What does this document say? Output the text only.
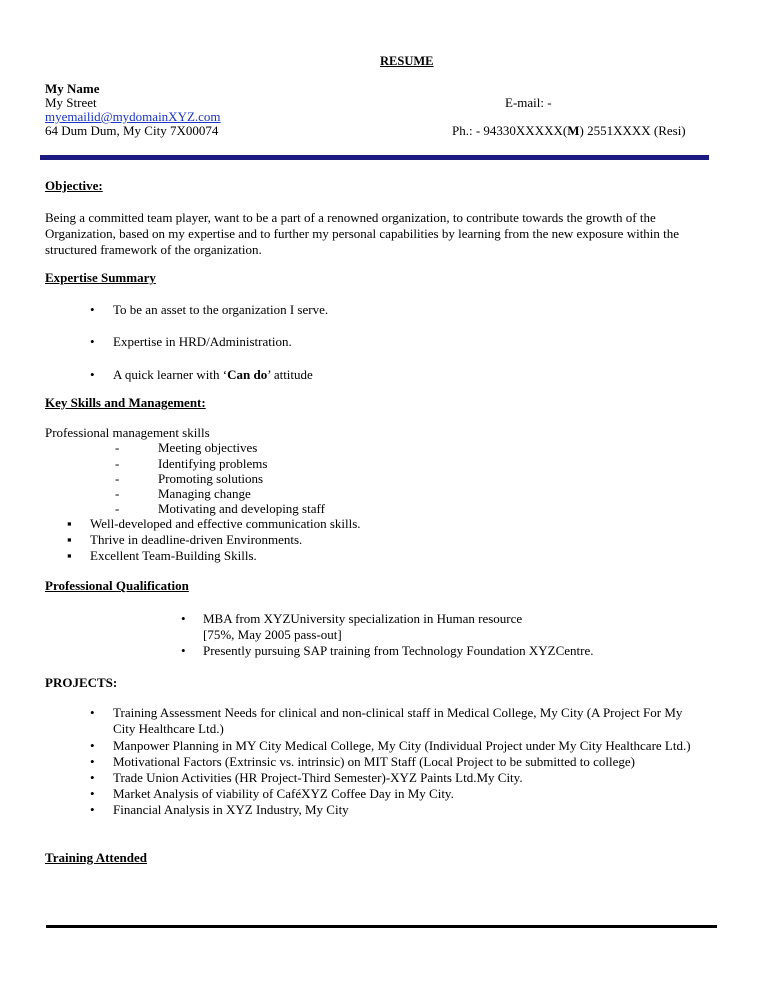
RESUME
My Name
My Street
myemailid@mydomainXYZ.com
64 Dum Dum, My City 7X00074
E-mail: -
Ph.: - 94330XXXXX(M) 2551XXXX (Resi)
Objective:
Being a committed team player, want to be a part of a renowned organization, to contribute towards the growth of the
Organization, based on my expertise and to further my personal capabilities by learning from the new exposure within the
structured framework of the organization.
Expertise Summary
• To be an asset to the organization I serve.
• Expertise in HRD/Administration.
• A quick learner with ‘Can do’ attitude
Key Skills and Management:
Professional management skills
-	Meeting objectives
-	Identifying problems
-	Promoting solutions
-	Managing change
-	Motivating and developing staff
▪ Well-developed and effective communication skills.
▪ Thrive in deadline-driven Environments.
▪ Excellent Team-Building Skills.
Professional Qualification
• MBA from XYZUniversity specialization in Human resource
[75%, May 2005 pass-out]
• Presently pursuing SAP training from Technology Foundation XYZCentre.
PROJECTS:
• Training Assessment Needs for clinical and non-clinical staff in Medical College, My City (A Project For My
City Healthcare Ltd.)
• Manpower Planning in MY City Medical College, My City (Individual Project under My City Healthcare Ltd.)
• Motivational Factors (Extrinsic vs. intrinsic) on MIT Staff (Local Project to be submitted to college)
• Trade Union Activities (HR Project-Third Semester)-XYZ Paints Ltd.My City.
• Market Analysis of viability of CaféXYZ Coffee Day in My City.
• Financial Analysis in XYZ Industry, My City
Training Attended
